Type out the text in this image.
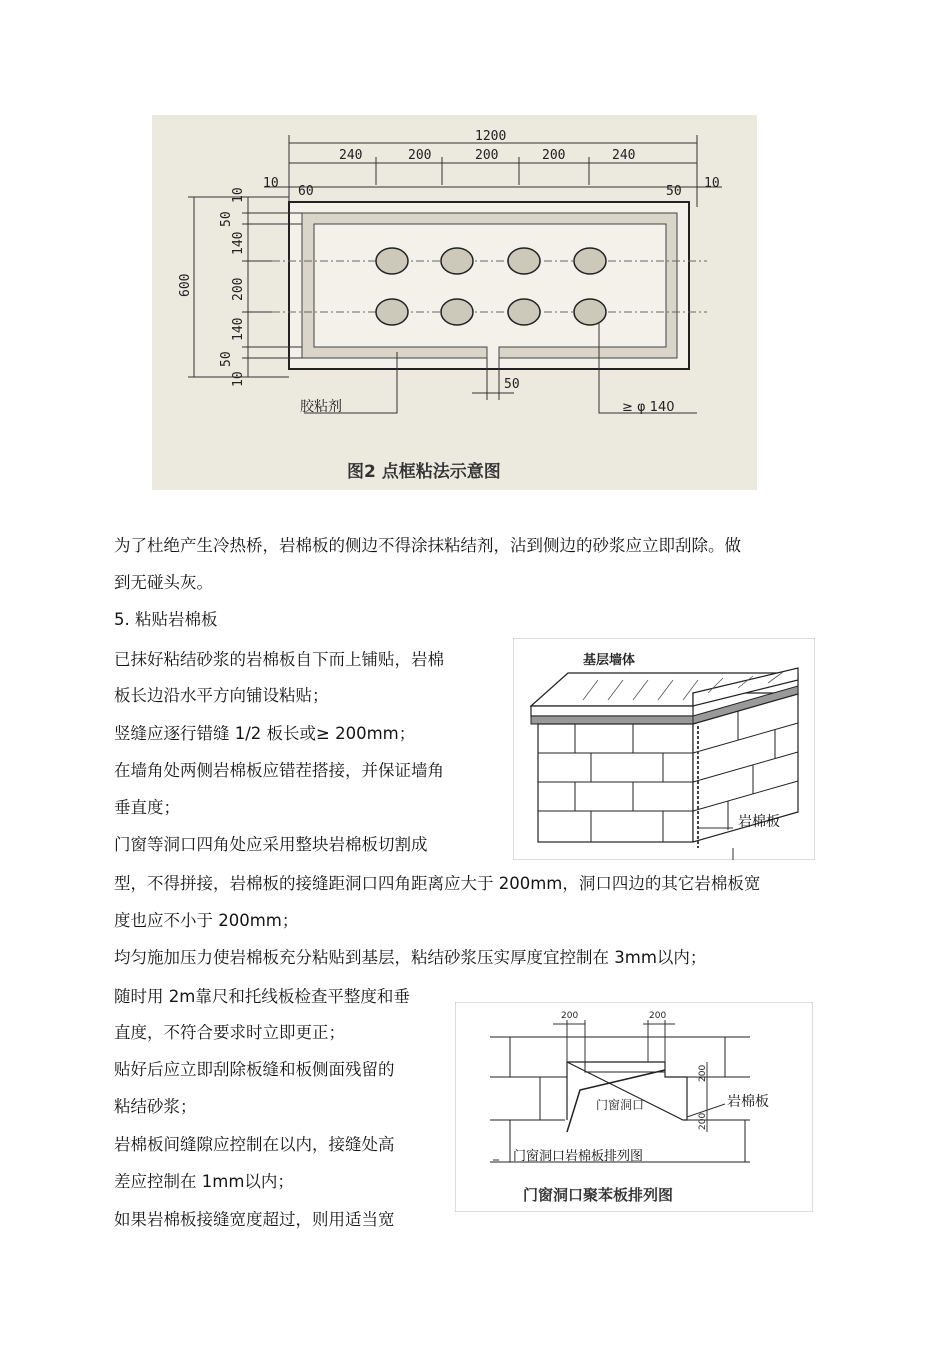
1200
240	200	200	200	240
10
60	50
10
600
10
50
140
200
140
50
10	50
胶粘剂	≥ φ 140
图2 点框粘法示意图
为了杜绝产生冷热桥，岩棉板的侧边不得涂抹粘结剂，沾到侧边的砂浆应立即刮除。做
到无碰头灰。
5. 粘贴岩棉板
已抹好粘结砂浆的岩棉板自下而上铺贴，岩棉
板长边沿水平方向铺设粘贴；
竖缝应逐行错缝 1/2 板长或≥ 200mm；
在墙角处两侧岩棉板应错茬搭接，并保证墙角
垂直度；
门窗等洞口四角处应采用整块岩棉板切割成
型，不得拼接，岩棉板的接缝距洞口四角距离应大于 200mm，洞口四边的其它岩棉板宽
度也应不小于 200mm；
均匀施加压力使岩棉板充分粘贴到基层，粘结砂浆压实厚度宜控制在 3mm以内；
随时用 2m靠尺和托线板检查平整度和垂
直度，不符合要求时立即更正；
贴好后应立即刮除板缝和板侧面残留的
粘结砂浆；
岩棉板间缝隙应控制在以内，接缝处高
差应控制在 1mm以内；
如果岩棉板接缝宽度超过，则用适当宽
基层墙体
岩棉板
200	200
200
200
门窗洞口	岩棉板
门窗洞口岩棉板排列图
门窗洞口聚苯板排列图
